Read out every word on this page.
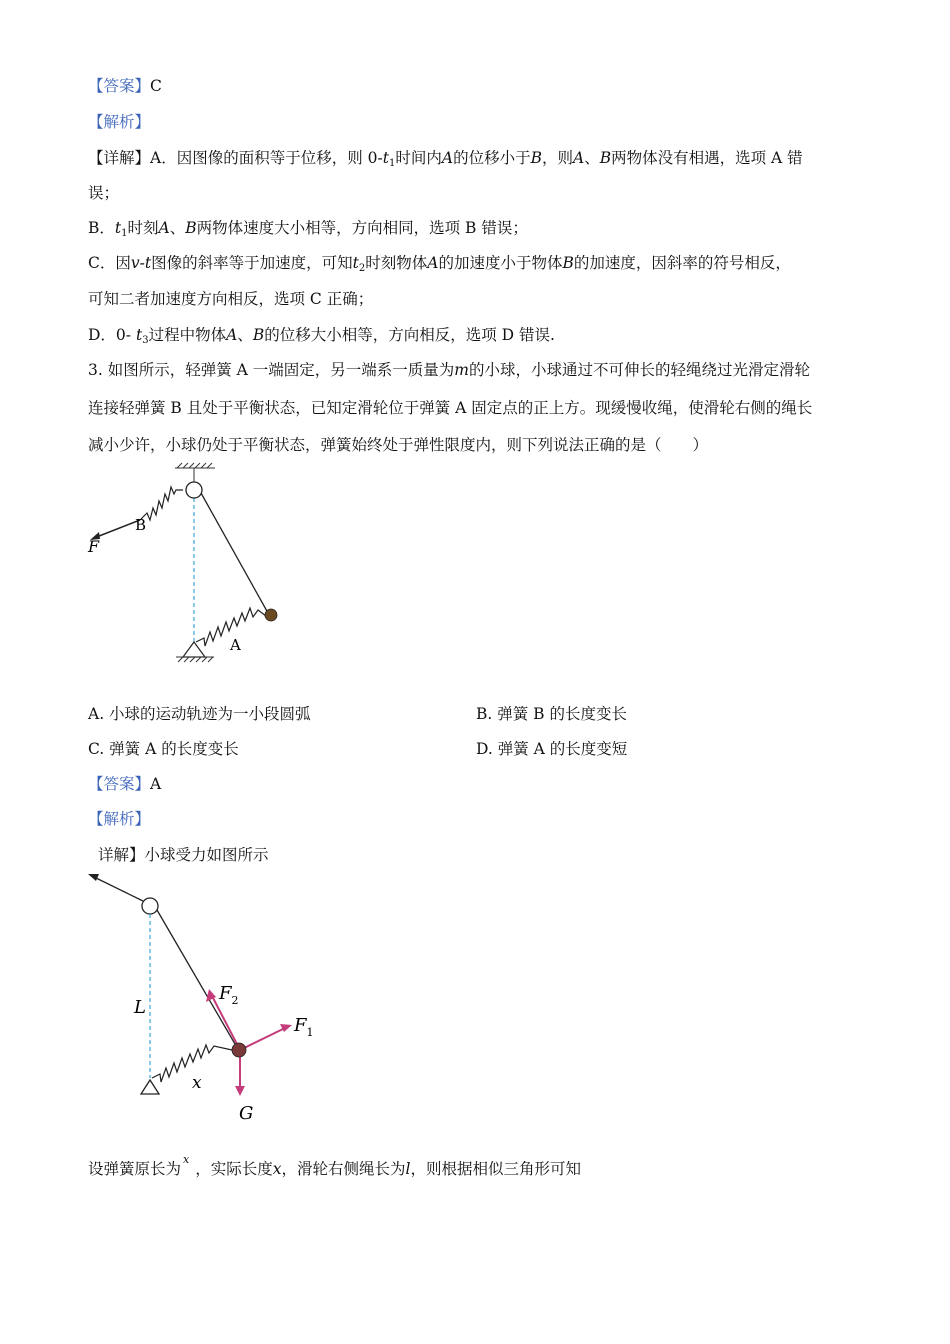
【答案】C
【解析】
【详解】A．因图像的面积等于位移，则 $0-t_1$时间内A的位移小于B，则A、B两物体没有相遇，选项 A 错
误；
B．$t_1$时刻A、B两物体速度大小相等，方向相同，选项 B 错误；
C．因v-t图像的斜率等于加速度，可知$t_2$时刻物体A的加速度小于物体B的加速度，因斜率的符号相反，
可知二者加速度方向相反，选项 C 正确；
D．0- $t_3$过程中物体A、B的位移大小相等，方向相反，选项 D 错误.
3. 如图所示，轻弹簧 A 一端固定，另一端系一质量为m的小球，小球通过不可伸长的轻绳绕过光滑定滑轮
连接轻弹簧 B 且处于平衡状态，已知定滑轮位于弹簧 A 固定点的正上方。现缓慢收绳，使滑轮右侧的绳长
减小少许，小球仍处于平衡状态，弹簧始终处于弹性限度内，则下列说法正确的是（　　）
B
F
A
A. 小球的运动轨迹为一小段圆弧	B. 弹簧 B 的长度变长
C. 弹簧 A 的长度变长	D. 弹簧 A 的长度变短
【答案】A
【解析】
详解】小球受力如图所示
L
$F_2$
$F_1$
x
G
设弹簧原长为$^x$，实际长度x，滑轮右侧绳长为l，则根据相似三角形可知
